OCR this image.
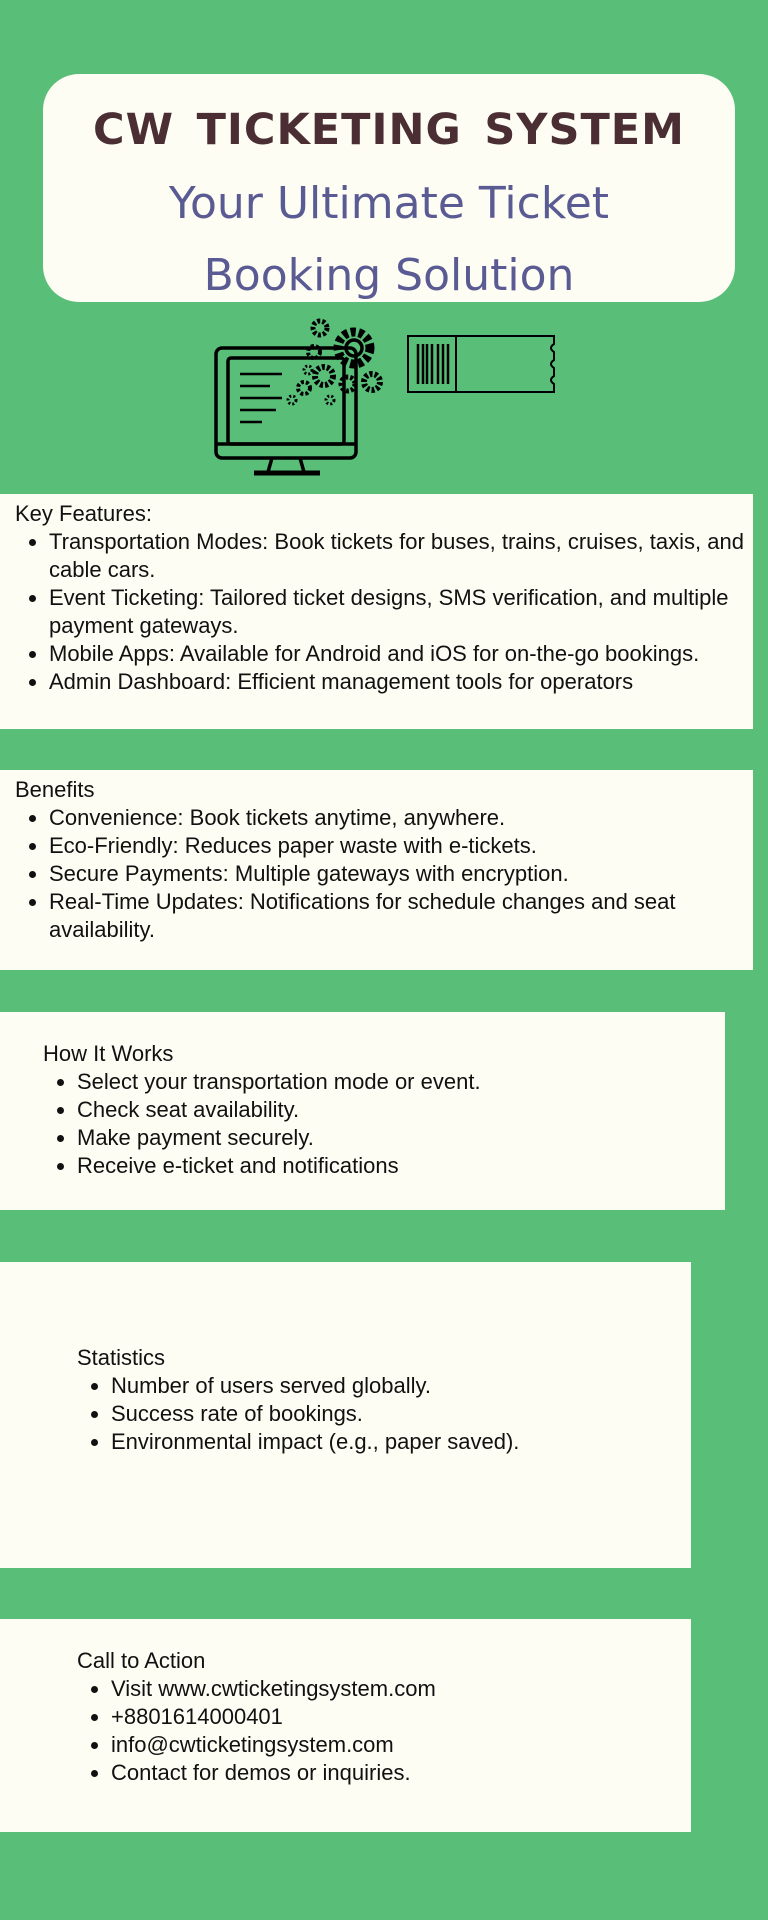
cw ticketing system

Your Ultimate Ticket Booking Solution

Key Features:
• Transportation Modes: Book tickets for buses, trains, cruises, taxis, and cable cars.
• Event Ticketing: Tailored ticket designs, SMS verification, and multiple payment gateways.
• Mobile Apps: Available for Android and iOS for on-the-go bookings.
• Admin Dashboard: Efficient management tools for operators
Benefits
• Convenience: Book tickets anytime, anywhere.
• Eco-Friendly: Reduces paper waste with e-tickets.
• Secure Payments: Multiple gateways with encryption.
• Real-Time Updates: Notifications for schedule changes and seat availability.
How It Works
• Select your transportation mode or event.
• Check seat availability.
• Make payment securely.
• Receive e-ticket and notifications
Statistics
• Number of users served globally.
• Success rate of bookings.
• Environmental impact (e.g., paper saved).
Call to Action
• Visit www.cwticketingsystem.com
• +8801614000401
• info@cwticketingsystem.com
• Contact for demos or inquiries.
